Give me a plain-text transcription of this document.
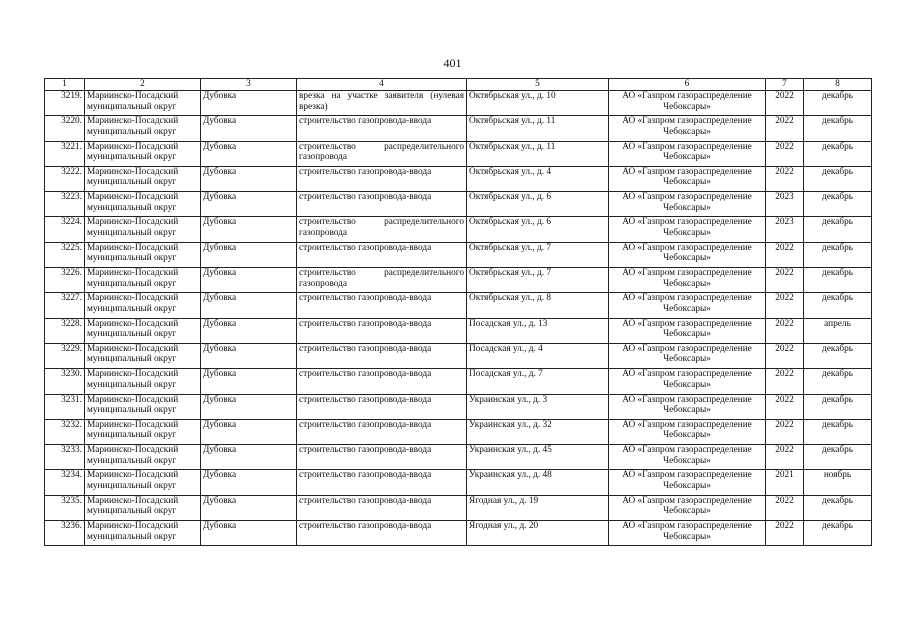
401
1	2	3	4	5	6	7	8
3219.	Мариинско-Посадский муниципальный округ	Дубовка	врезка на участке заявителя (нулевая врезка)	Октябрьская ул., д. 10	АО «Газпром газораспределение Чебоксары»	2022	декабрь
3220.	Мариинско-Посадский муниципальный округ	Дубовка	строительство газопровода-ввода	Октябрьская ул., д. 11	АО «Газпром газораспределение Чебоксары»	2022	декабрь
3221.	Мариинско-Посадский муниципальный округ	Дубовка	строительство распределительного газопровода	Октябрьская ул., д. 11	АО «Газпром газораспределение Чебоксары»	2022	декабрь
3222.	Мариинско-Посадский муниципальный округ	Дубовка	строительство газопровода-ввода	Октябрьская ул., д. 4	АО «Газпром газораспределение Чебоксары»	2022	декабрь
3223.	Мариинско-Посадский муниципальный округ	Дубовка	строительство газопровода-ввода	Октябрьская ул., д. 6	АО «Газпром газораспределение Чебоксары»	2023	декабрь
3224.	Мариинско-Посадский муниципальный округ	Дубовка	строительство распределительного газопровода	Октябрьская ул., д. 6	АО «Газпром газораспределение Чебоксары»	2023	декабрь
3225.	Мариинско-Посадский муниципальный округ	Дубовка	строительство газопровода-ввода	Октябрьская ул., д. 7	АО «Газпром газораспределение Чебоксары»	2022	декабрь
3226.	Мариинско-Посадский муниципальный округ	Дубовка	строительство распределительного газопровода	Октябрьская ул., д. 7	АО «Газпром газораспределение Чебоксары»	2022	декабрь
3227.	Мариинско-Посадский муниципальный округ	Дубовка	строительство газопровода-ввода	Октябрьская ул., д. 8	АО «Газпром газораспределение Чебоксары»	2022	декабрь
3228.	Мариинско-Посадский муниципальный округ	Дубовка	строительство газопровода-ввода	Посадская ул., д. 13	АО «Газпром газораспределение Чебоксары»	2022	апрель
3229.	Мариинско-Посадский муниципальный округ	Дубовка	строительство газопровода-ввода	Посадская ул., д. 4	АО «Газпром газораспределение Чебоксары»	2022	декабрь
3230.	Мариинско-Посадский муниципальный округ	Дубовка	строительство газопровода-ввода	Посадская ул., д. 7	АО «Газпром газораспределение Чебоксары»	2022	декабрь
3231.	Мариинско-Посадский муниципальный округ	Дубовка	строительство газопровода-ввода	Украинская ул., д. 3	АО «Газпром газораспределение Чебоксары»	2022	декабрь
3232.	Мариинско-Посадский муниципальный округ	Дубовка	строительство газопровода-ввода	Украинская ул., д. 32	АО «Газпром газораспределение Чебоксары»	2022	декабрь
3233.	Мариинско-Посадский муниципальный округ	Дубовка	строительство газопровода-ввода	Украинская ул., д. 45	АО «Газпром газораспределение Чебоксары»	2022	декабрь
3234.	Мариинско-Посадский муниципальный округ	Дубовка	строительство газопровода-ввода	Украинская ул., д. 48	АО «Газпром газораспределение Чебоксары»	2021	ноябрь
3235.	Мариинско-Посадский муниципальный округ	Дубовка	строительство газопровода-ввода	Ягодная ул., д. 19	АО «Газпром газораспределение Чебоксары»	2022	декабрь
3236.	Мариинско-Посадский муниципальный округ	Дубовка	строительство газопровода-ввода	Ягодная ул., д. 20	АО «Газпром газораспределение Чебоксары»	2022	декабрь
